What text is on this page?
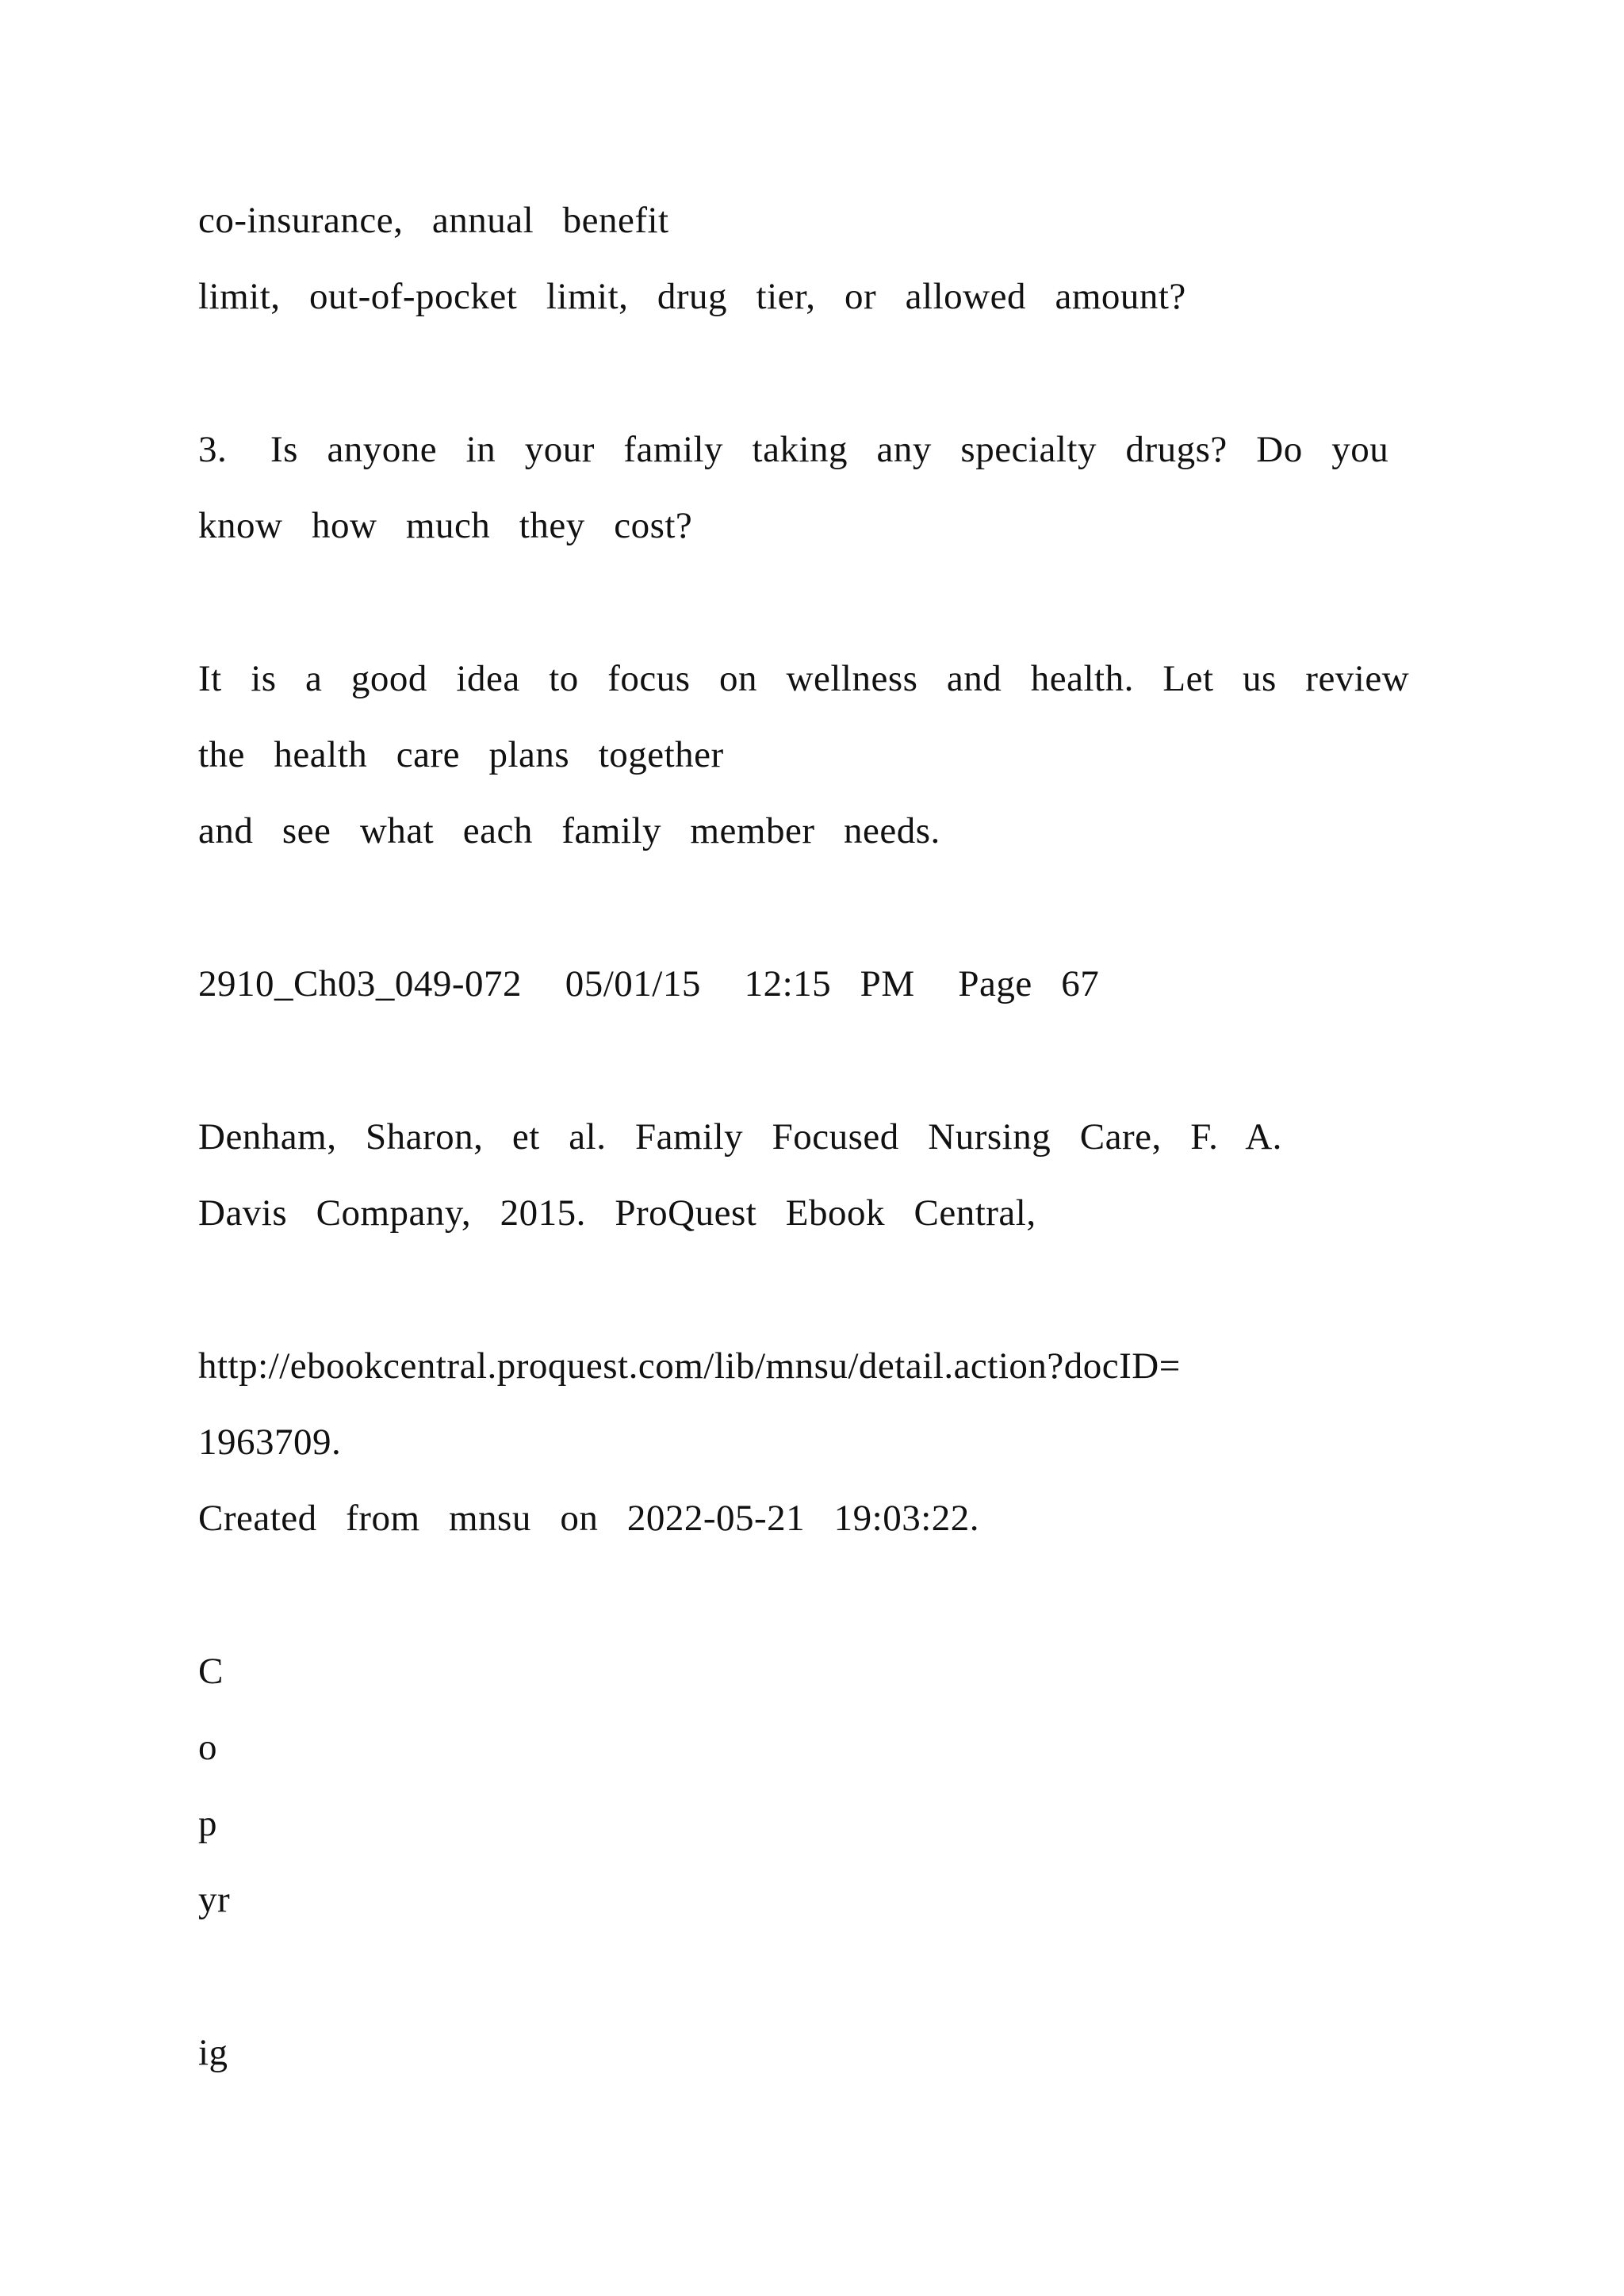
co-insurance,  annual  benefit
limit,  out-of-pocket  limit,  drug  tier,  or  allowed  amount?
3.   Is  anyone  in  your  family  taking  any  specialty  drugs?  Do  you
know  how  much  they  cost?
It  is  a  good  idea  to  focus  on  wellness  and  health.  Let  us  review
the  health  care  plans  together
and  see  what  each  family  member  needs.
2910_Ch03_049-072   05/01/15   12:15  PM   Page  67
Denham,  Sharon,  et  al.  Family  Focused  Nursing  Care,  F.  A.
Davis  Company,  2015.  ProQuest  Ebook  Central,
http://ebookcentral.proquest.com/lib/mnsu/detail.action?docID=
1963709.
Created  from  mnsu  on  2022-05-21  19:03:22.
C
o
p
yr
ig
